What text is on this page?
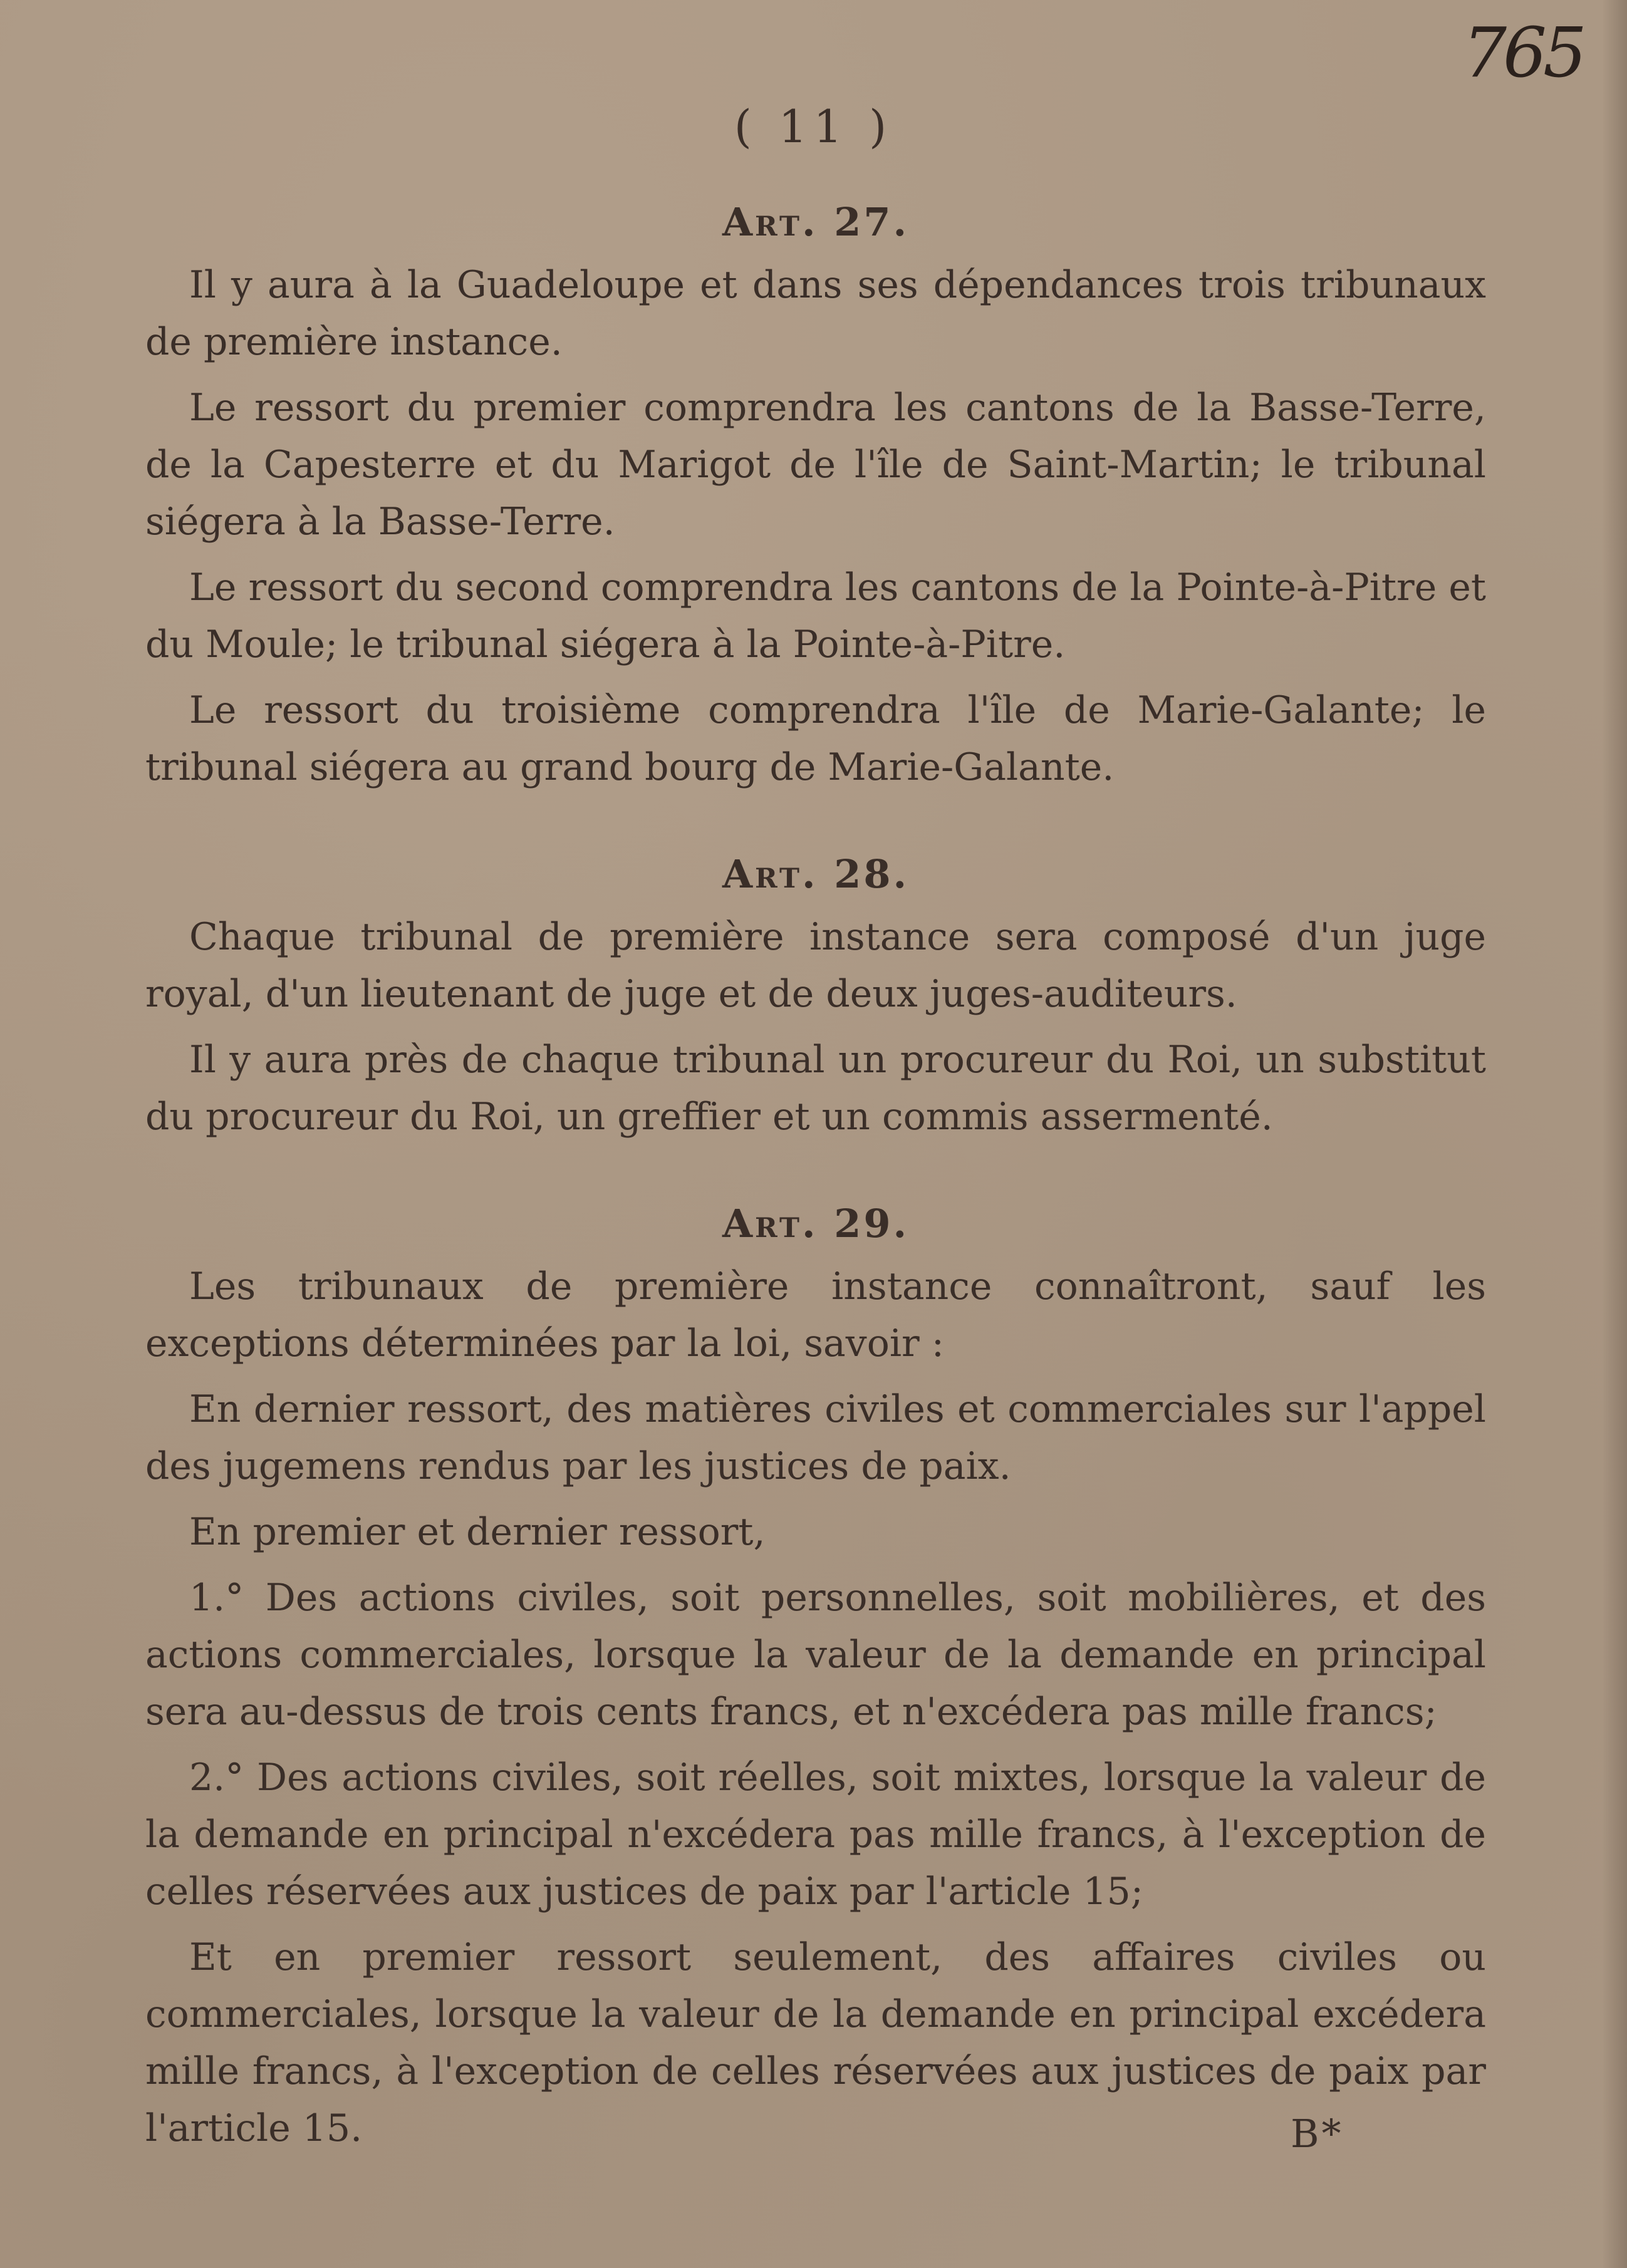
765
( 11 )
Art. 27.

Il y aura à la Guadeloupe et dans ses dépendances trois tribunaux de première instance.

Le ressort du premier comprendra les cantons de la Basse-Terre, de la Capesterre et du Marigot de l'île de Saint-Martin; le tribunal siégera à la Basse-Terre.

Le ressort du second comprendra les cantons de la Pointe-à-Pitre et du Moule; le tribunal siégera à la Pointe-à-Pitre.

Le ressort du troisième comprendra l'île de Marie-Galante; le tribunal siégera au grand bourg de Marie-Galante.

Art. 28.

Chaque tribunal de première instance sera composé d'un juge royal, d'un lieutenant de juge et de deux juges-auditeurs.

Il y aura près de chaque tribunal un procureur du Roi, un substitut du procureur du Roi, un greffier et un commis assermenté.

Art. 29.

Les tribunaux de première instance connaîtront, sauf les exceptions déterminées par la loi, savoir :

En dernier ressort, des matières civiles et commerciales sur l'appel des jugemens rendus par les justices de paix.

En premier et dernier ressort,

1.° Des actions civiles, soit personnelles, soit mobilières, et des actions commerciales, lorsque la valeur de la demande en principal sera au-dessus de trois cents francs, et n'excédera pas mille francs;

2.° Des actions civiles, soit réelles, soit mixtes, lorsque la valeur de la demande en principal n'excédera pas mille francs, à l'exception de celles réservées aux justices de paix par l'article 15;

Et en premier ressort seulement, des affaires civiles ou commerciales, lorsque la valeur de la demande en principal excédera mille francs, à l'exception de celles réservées aux justices de paix par l'article 15.	B*
